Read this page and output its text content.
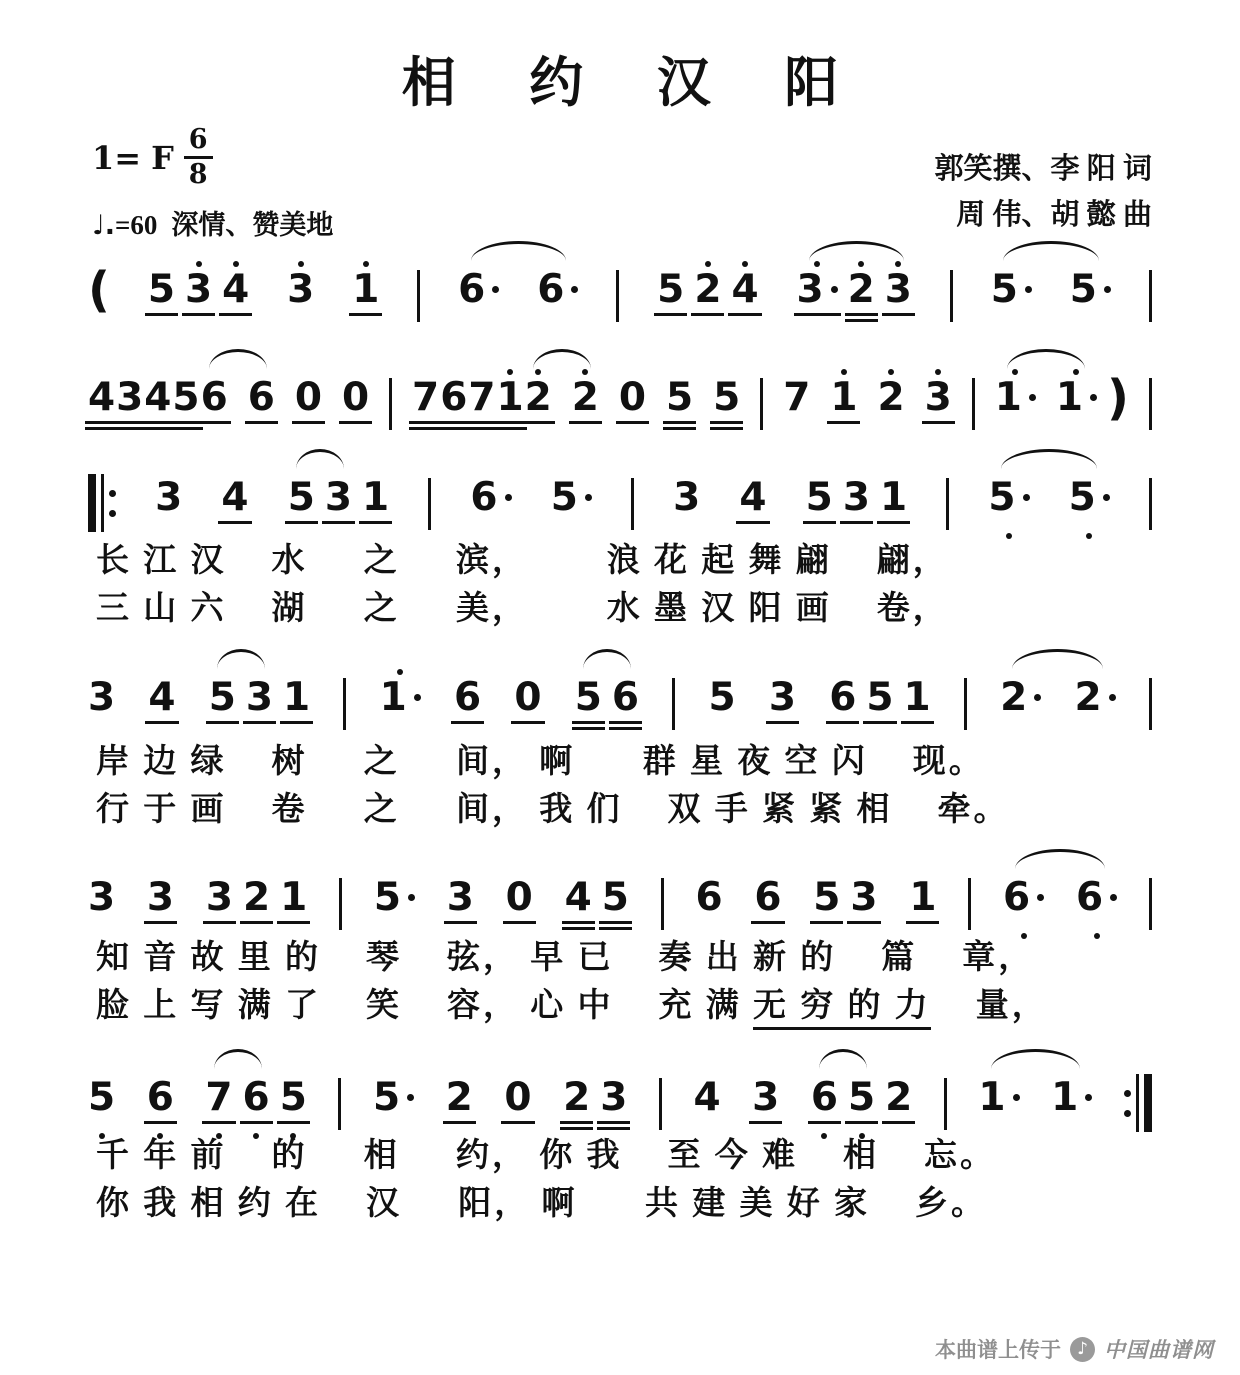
相 约 汉 阳
1= F $\frac{6}{8}$
♩.=60 深情、赞美地
郭笑撰、李 阳 词
周 伟、胡 懿 曲
( 5 3 4 3 1 6 6 5 2 4 3 2 3 5 5
4 3 4 5 6 6 0 0 7 6 7 1 2 2 0 5 5 7 1 2 3 1 1 )
3 4 5 3 1 6 5 3 4 5 3 1 5 5
3 4 5 3 1 1 6 0 5 6 5 3 6 5 1 2 2
3 3 3 2 1 5 3 0 4 5 6 6 5 3 1 6 6
5 6 7 6 5 5 2 0 2 3 4 3 6 5 2 1 1
长 江 汉    水     之     滨，       浪 花 起 舞 翩    翩，
三 山 六    湖     之     美，       水 墨 汉 阳 画    卷，
岸 边 绿    树     之     间， 啊      群 星 夜 空 闪    现。
行 于 画    卷     之     间， 我 们    双 手 紧 紧 相    牵。
知 音 故 里 的    琴    弦， 早 已    奏 出 新 的    篇    章，
脸 上 写 满 了    笑    容， 心 中    充 满 无 穷 的 力    量，
千 年 前    的     相     约， 你 我    至 今 难    相    忘。
你 我 相 约 在    汉     阳， 啊      共 建 美 好 家    乡。
本曲谱上传于 ♪ 中国曲谱网
